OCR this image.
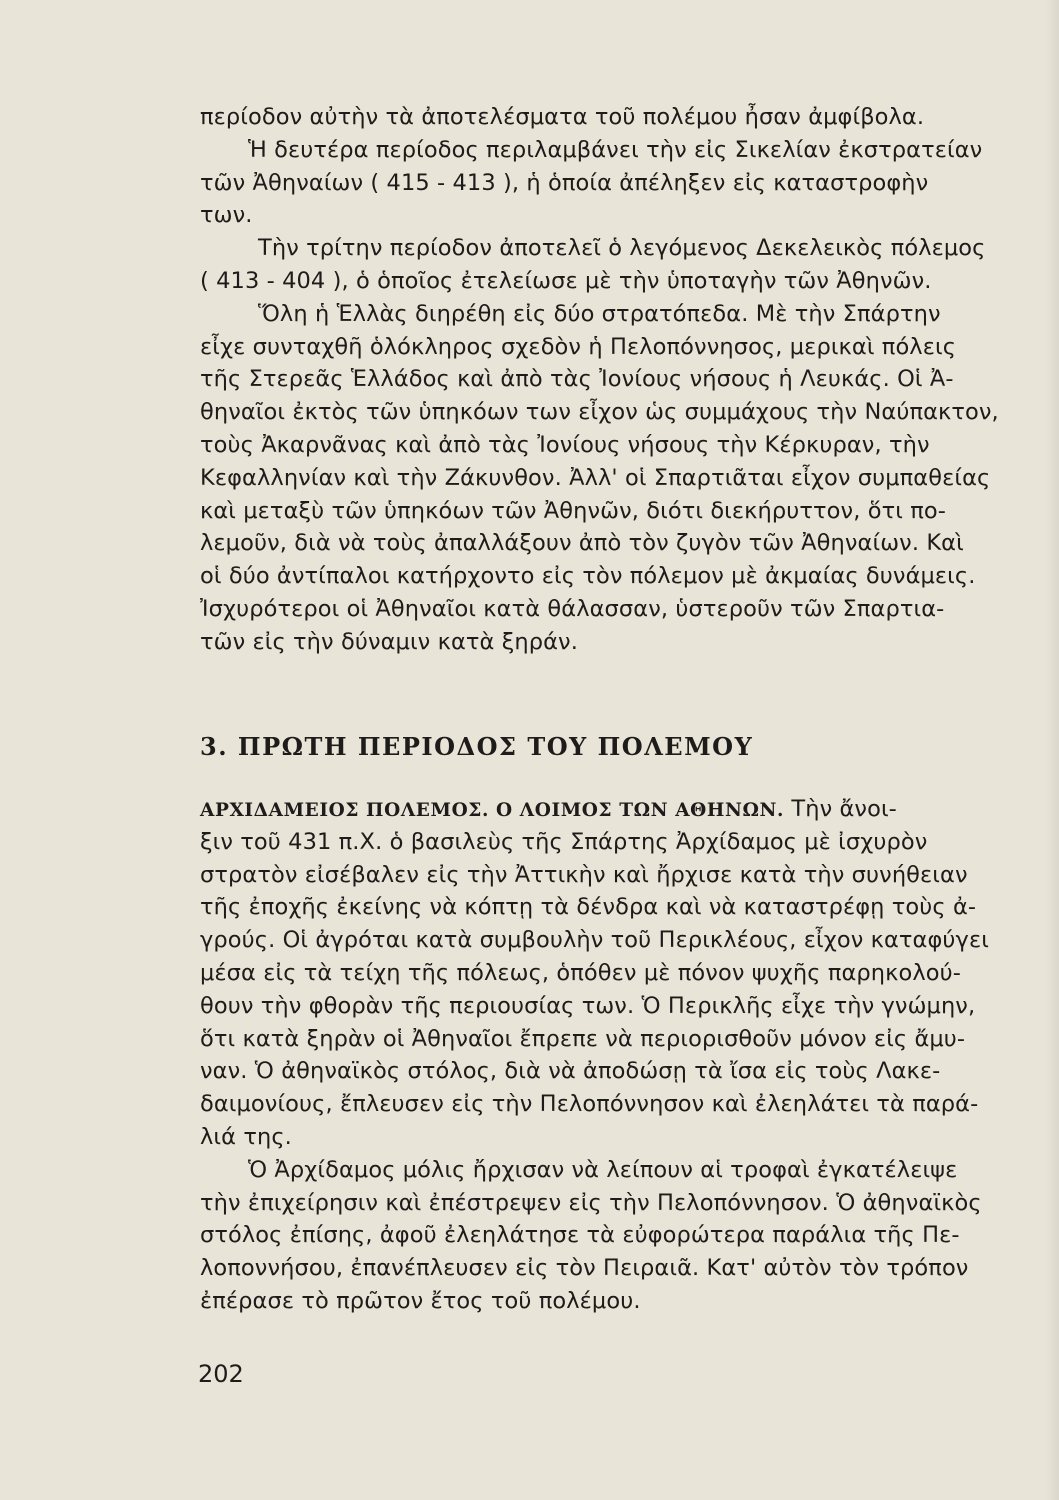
περίοδον αὐτὴν τὰ ἀποτελέσματα τοῦ πολέμου ἦσαν ἀμφίβολα.
Ἡ δευτέρα περίοδος περιλαμβάνει τὴν εἰς Σικελίαν ἐκστρατείαν
τῶν Ἀθηναίων ( 415 - 413 ), ἡ ὁποία ἀπέληξεν εἰς καταστροφὴν
των.
Τὴν τρίτην περίοδον ἀποτελεῖ ὁ λεγόμενος Δεκελεικὸς πόλεμος
( 413 - 404 ), ὁ ὁποῖος ἐτελείωσε μὲ τὴν ὑποταγὴν τῶν Ἀθηνῶν.
Ὅλη ἡ Ἑλλὰς διηρέθη εἰς δύο στρατόπεδα. Μὲ τὴν Σπάρτην
εἶχε συνταχθῆ ὁλόκληρος σχεδὸν ἡ Πελοπόννησος, μερικαὶ πόλεις
τῆς Στερεᾶς Ἑλλάδος καὶ ἀπὸ τὰς Ἰονίους νήσους ἡ Λευκάς. Οἱ Ἀ-
θηναῖοι ἐκτὸς τῶν ὑπηκόων των εἶχον ὡς συμμάχους τὴν Ναύπακτον,
τοὺς Ἀκαρνᾶνας καὶ ἀπὸ τὰς Ἰονίους νήσους τὴν Κέρκυραν, τὴν
Κεφαλληνίαν καὶ τὴν Ζάκυνθον. Ἀλλ' οἱ Σπαρτιᾶται εἶχον συμπαθείας
καὶ μεταξὺ τῶν ὑπηκόων τῶν Ἀθηνῶν, διότι διεκήρυττον, ὅτι πο-
λεμοῦν, διὰ νὰ τοὺς ἀπαλλάξουν ἀπὸ τὸν ζυγὸν τῶν Ἀθηναίων. Καὶ
οἱ δύο ἀντίπαλοι κατήρχοντο εἰς τὸν πόλεμον μὲ ἀκμαίας δυνάμεις.
Ἰσχυρότεροι οἱ Ἀθηναῖοι κατὰ θάλασσαν, ὑστεροῦν τῶν Σπαρτια-
τῶν εἰς τὴν δύναμιν κατὰ ξηράν.
3. ΠΡΩΤΗ ΠΕΡΙΟΔΟΣ ΤΟΥ ΠΟΛΕΜΟΥ
ΑΡΧΙΔΑΜΕΙΟΣ ΠΟΛΕΜΟΣ. Ο ΛΟΙΜΟΣ ΤΩΝ ΑΘΗΝΩΝ. Τὴν ἄνοι-
ξιν τοῦ 431 π.Χ. ὁ βασιλεὺς τῆς Σπάρτης Ἀρχίδαμος μὲ ἰσχυρὸν
στρατὸν εἰσέβαλεν εἰς τὴν Ἀττικὴν καὶ ἤρχισε κατὰ τὴν συνήθειαν
τῆς ἐποχῆς ἐκείνης νὰ κόπτῃ τὰ δένδρα καὶ νὰ καταστρέφῃ τοὺς ἀ-
γρούς. Οἱ ἀγρόται κατὰ συμβουλὴν τοῦ Περικλέους, εἶχον καταφύγει
μέσα εἰς τὰ τείχη τῆς πόλεως, ὁπόθεν μὲ πόνον ψυχῆς παρηκολού-
θουν τὴν φθορὰν τῆς περιουσίας των. Ὁ Περικλῆς εἶχε τὴν γνώμην,
ὅτι κατὰ ξηρὰν οἱ Ἀθηναῖοι ἔπρεπε νὰ περιορισθοῦν μόνον εἰς ἄμυ-
ναν. Ὁ ἀθηναϊκὸς στόλος, διὰ νὰ ἀποδώσῃ τὰ ἴσα εἰς τοὺς Λακε-
δαιμονίους, ἔπλευσεν εἰς τὴν Πελοπόννησον καὶ ἐλεηλάτει τὰ παρά-
λιά της.
Ὁ Ἀρχίδαμος μόλις ἤρχισαν νὰ λείπουν αἱ τροφαὶ ἐγκατέλειψε
τὴν ἐπιχείρησιν καὶ ἐπέστρεψεν εἰς τὴν Πελοπόννησον. Ὁ ἀθηναϊκὸς
στόλος ἐπίσης, ἀφοῦ ἐλεηλάτησε τὰ εὐφορώτερα παράλια τῆς Πε-
λοποννήσου, ἐπανέπλευσεν εἰς τὸν Πειραιᾶ. Κατ' αὐτὸν τὸν τρόπον
ἐπέρασε τὸ πρῶτον ἔτος τοῦ πολέμου.
202
